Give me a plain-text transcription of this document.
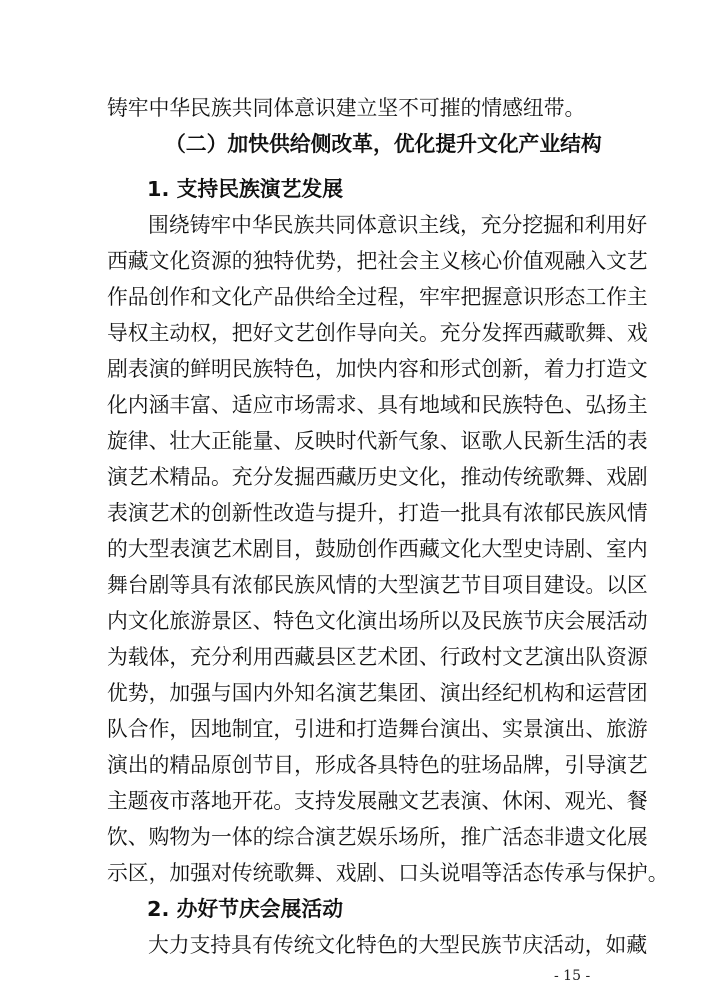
铸牢中华民族共同体意识建立坚不可摧的情感纽带。
（二）加快供给侧改革，优化提升文化产业结构
1. 支持民族演艺发展
围绕铸牢中华民族共同体意识主线，充分挖掘和利用好
西藏文化资源的独特优势，把社会主义核心价值观融入文艺
作品创作和文化产品供给全过程，牢牢把握意识形态工作主
导权主动权，把好文艺创作导向关。充分发挥西藏歌舞、戏
剧表演的鲜明民族特色，加快内容和形式创新，着力打造文
化内涵丰富、适应市场需求、具有地域和民族特色、弘扬主
旋律、壮大正能量、反映时代新气象、讴歌人民新生活的表
演艺术精品。充分发掘西藏历史文化，推动传统歌舞、戏剧
表演艺术的创新性改造与提升，打造一批具有浓郁民族风情
的大型表演艺术剧目，鼓励创作西藏文化大型史诗剧、室内
舞台剧等具有浓郁民族风情的大型演艺节目项目建设。以区
内文化旅游景区、特色文化演出场所以及民族节庆会展活动
为载体，充分利用西藏县区艺术团、行政村文艺演出队资源
优势，加强与国内外知名演艺集团、演出经纪机构和运营团
队合作，因地制宜，引进和打造舞台演出、实景演出、旅游
演出的精品原创节目，形成各具特色的驻场品牌，引导演艺
主题夜市落地开花。支持发展融文艺表演、休闲、观光、餐
饮、购物为一体的综合演艺娱乐场所，推广活态非遗文化展
示区，加强对传统歌舞、戏剧、口头说唱等活态传承与保护。
2. 办好节庆会展活动
大力支持具有传统文化特色的大型民族节庆活动，如藏
- 15 -
